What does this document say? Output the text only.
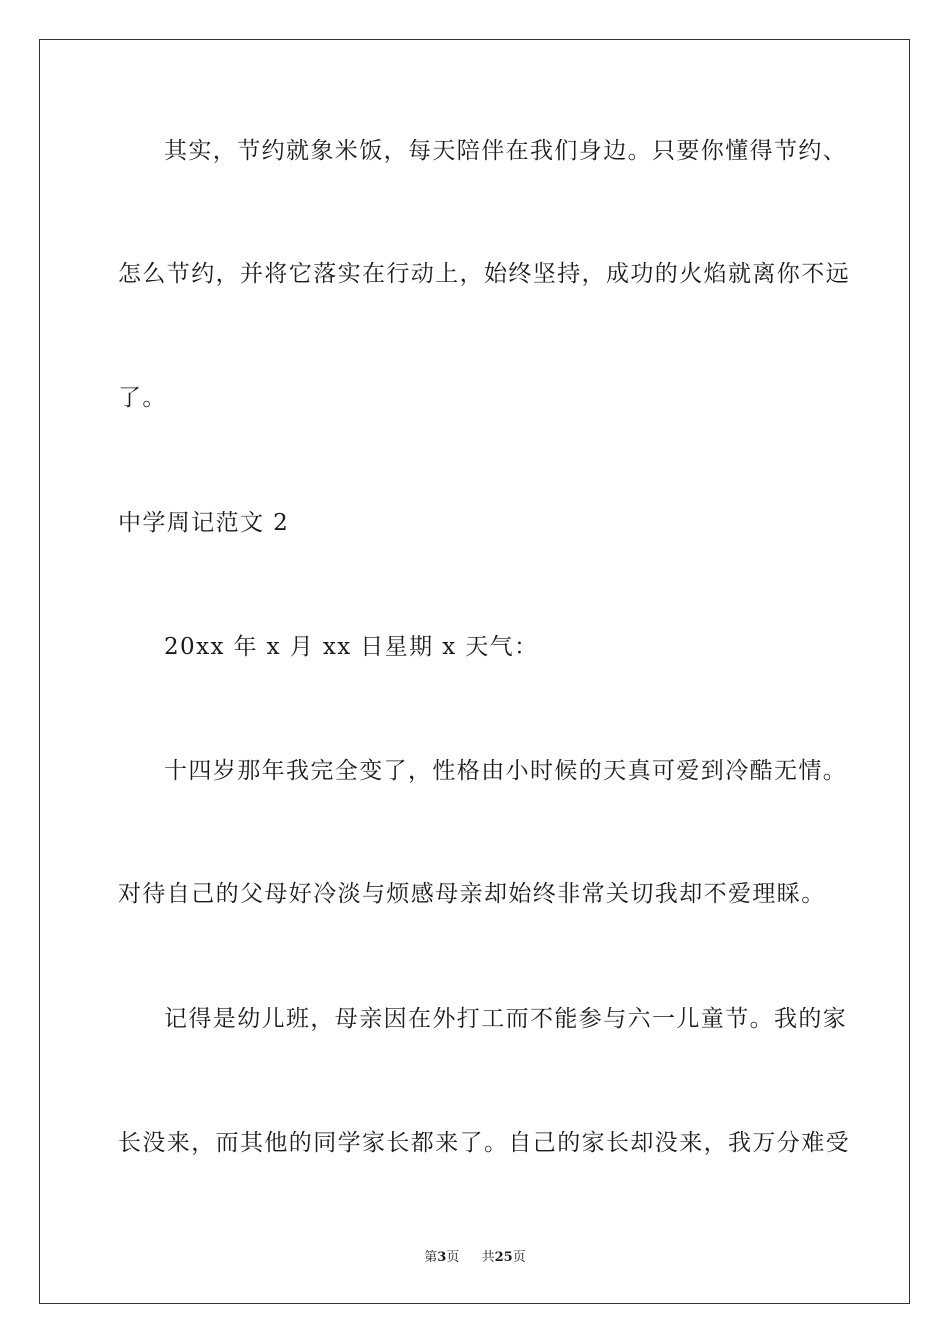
其实，节约就象米饭，每天陪伴在我们身边。只要你懂得节约、
怎么节约，并将它落实在行动上，始终坚持，成功的火焰就离你不远
了。
中学周记范文 2
20xx 年 x 月 xx 日星期 x 天气：
十四岁那年我完全变了，性格由小时候的天真可爱到冷酷无情。
对待自己的父母好冷淡与烦感母亲却始终非常关切我却不爱理睬。
记得是幼儿班，母亲因在外打工而不能参与六一儿童节。我的家
长没来，而其他的同学家长都来了。自己的家长却没来，我万分难受
第3页 共25页
